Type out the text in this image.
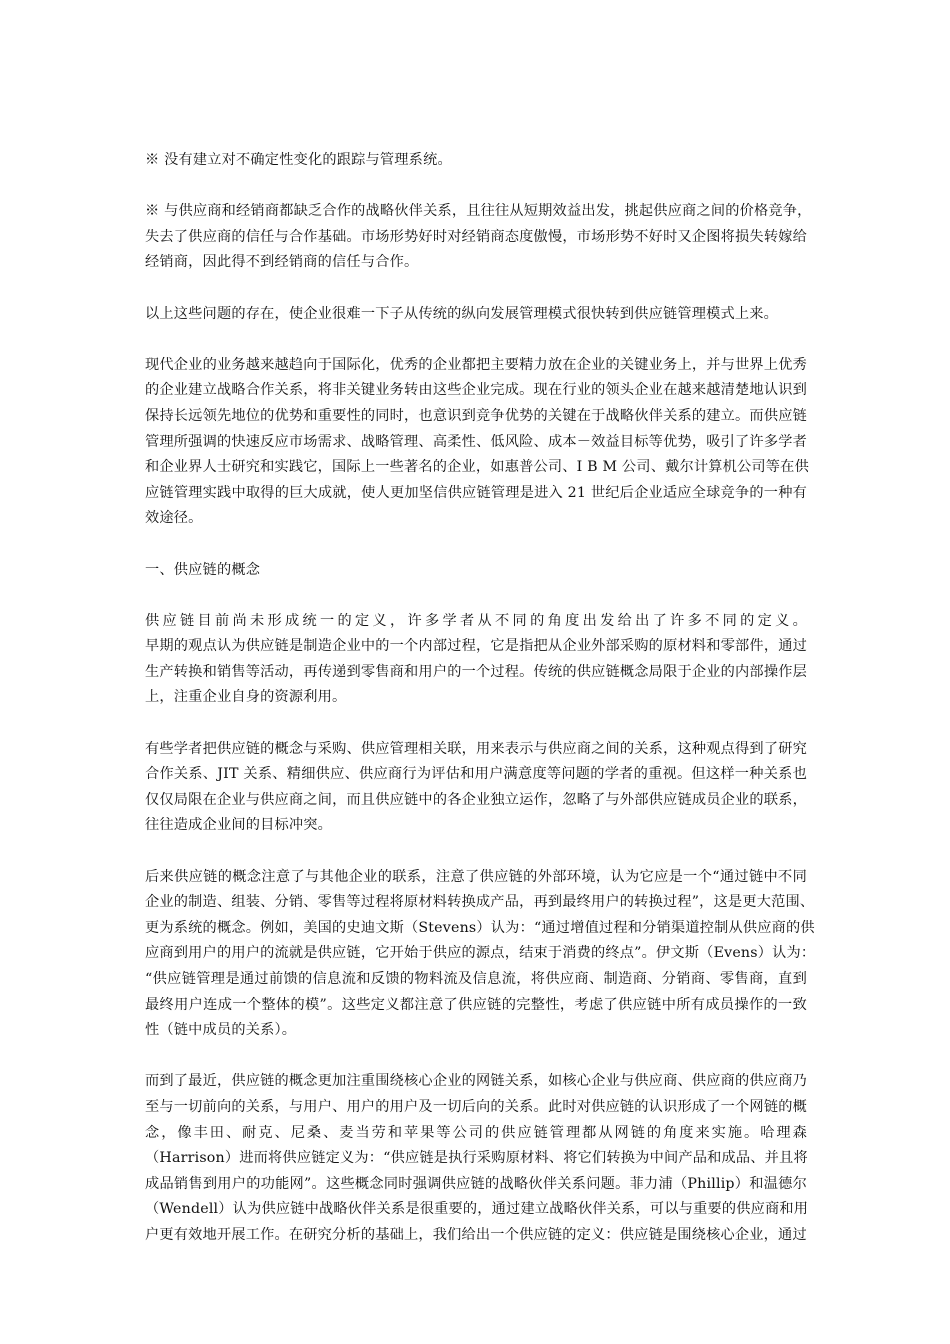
※ 没有建立对不确定性变化的跟踪与管理系统。
※ 与供应商和经销商都缺乏合作的战略伙伴关系，且往往从短期效益出发，挑起供应商之间的价格竞争，
失去了供应商的信任与合作基础。市场形势好时对经销商态度傲慢，市场形势不好时又企图将损失转嫁给
经销商，因此得不到经销商的信任与合作。
以上这些问题的存在，使企业很难一下子从传统的纵向发展管理模式很快转到供应链管理模式上来。
现代企业的业务越来越趋向于国际化，优秀的企业都把主要精力放在企业的关键业务上，并与世界上优秀
的企业建立战略合作关系，将非关键业务转由这些企业完成。现在行业的领头企业在越来越清楚地认识到
保持长远领先地位的优势和重要性的同时，也意识到竞争优势的关键在于战略伙伴关系的建立。而供应链
管理所强调的快速反应市场需求、战略管理、高柔性、低风险、成本－效益目标等优势，吸引了许多学者
和企业界人士研究和实践它，国际上一些著名的企业，如惠普公司、I B M 公司、戴尔计算机公司等在供
应链管理实践中取得的巨大成就，使人更加坚信供应链管理是进入 21 世纪后企业适应全球竞争的一种有
效途径。
一、供应链的概念
供应链目前尚未形成统一的定义，许多学者从不同的角度出发给出了许多不同的定义。
早期的观点认为供应链是制造企业中的一个内部过程，它是指把从企业外部采购的原材料和零部件，通过
生产转换和销售等活动，再传递到零售商和用户的一个过程。传统的供应链概念局限于企业的内部操作层
上，注重企业自身的资源利用。
有些学者把供应链的概念与采购、供应管理相关联，用来表示与供应商之间的关系，这种观点得到了研究
合作关系、JIT 关系、精细供应、供应商行为评估和用户满意度等问题的学者的重视。但这样一种关系也
仅仅局限在企业与供应商之间，而且供应链中的各企业独立运作，忽略了与外部供应链成员企业的联系，
往往造成企业间的目标冲突。
后来供应链的概念注意了与其他企业的联系，注意了供应链的外部环境，认为它应是一个“通过链中不同
企业的制造、组装、分销、零售等过程将原材料转换成产品，再到最终用户的转换过程”，这是更大范围、
更为系统的概念。例如，美国的史迪文斯（Stevens）认为：“通过增值过程和分销渠道控制从供应商的供
应商到用户的用户的流就是供应链，它开始于供应的源点，结束于消费的终点”。伊文斯（Evens）认为：
“供应链管理是通过前馈的信息流和反馈的物料流及信息流，将供应商、制造商、分销商、零售商，直到
最终用户连成一个整体的模”。这些定义都注意了供应链的完整性，考虑了供应链中所有成员操作的一致
性（链中成员的关系）。
而到了最近，供应链的概念更加注重围绕核心企业的网链关系，如核心企业与供应商、供应商的供应商乃
至与一切前向的关系，与用户、用户的用户及一切后向的关系。此时对供应链的认识形成了一个网链的概
念，像丰田、耐克、尼桑、麦当劳和苹果等公司的供应链管理都从网链的角度来实施。哈理森
（Harrison）进而将供应链定义为：“供应链是执行采购原材料、将它们转换为中间产品和成品、并且将
成品销售到用户的功能网”。这些概念同时强调供应链的战略伙伴关系问题。菲力浦（Phillip）和温德尔
（Wendell）认为供应链中战略伙伴关系是很重要的，通过建立战略伙伴关系，可以与重要的供应商和用
户更有效地开展工作。在研究分析的基础上，我们给出一个供应链的定义：供应链是围绕核心企业，通过
